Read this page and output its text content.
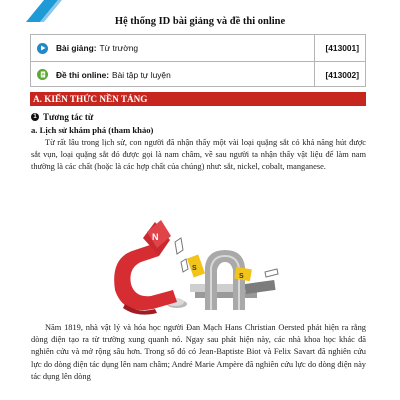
Hệ thống ID bài giảng và đề thi online
Bài giảng: Từ trường	[413001]
Đề thi online: Bài tập tự luyện	[413002]
A. KIẾN THỨC NỀN TẢNG
1 Tương tác từ
a. Lịch sử khám phá (tham khảo)
Từ rất lâu trong lịch sử, con người đã nhận thấy một vài loại quặng sắt có khả năng hút được sắt vụn, loại quặng sắt đó được gọi là nam châm, về sau người ta nhận thấy vật liệu để làm nam thường là các chất (hoặc là các hợp chất của chúng) như: sắt, nickel, cobalt, manganese.
N
S
S
Năm 1819, nhà vật lý và hóa học người Đan Mạch Hans Christian Oersted phát hiện ra rằng dòng điện tạo ra từ trường xung quanh nó. Ngay sau phát hiện này, các nhà khoa học khác đã nghiên cứu và mở rộng sâu hơn. Trong số đó có Jean-Baptiste Biot và Felix Savart đã nghiên cứu lực do dòng điện tác dụng lên nam châm; André Marie Ampère đã nghiên cứu lực do dòng điện này tác dụng lên dòng
